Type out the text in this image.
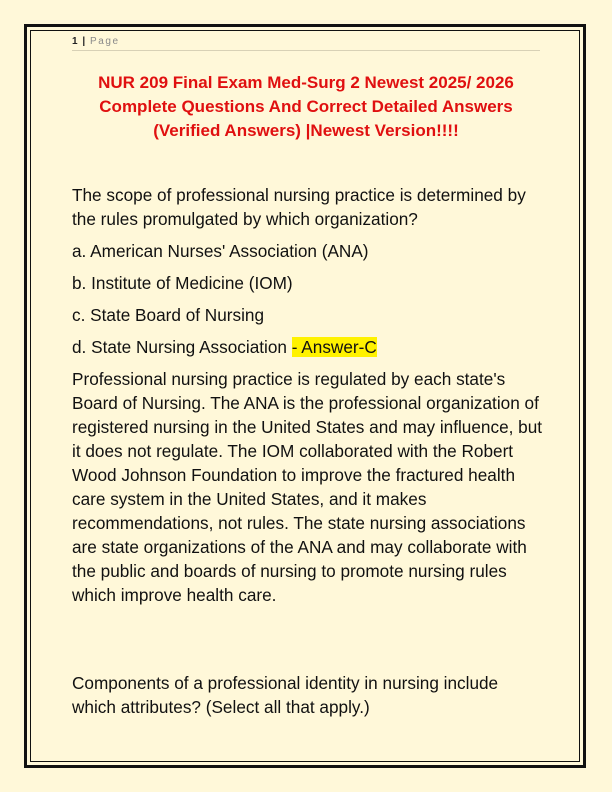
1 | Page
NUR 209 Final Exam Med-Surg 2 Newest 2025/ 2026 Complete Questions And Correct Detailed Answers (Verified Answers) |Newest Version!!!!

The scope of professional nursing practice is determined by the rules promulgated by which organization?

a. American Nurses' Association (ANA)

b. Institute of Medicine (IOM)

c. State Board of Nursing

d. State Nursing Association - Answer-C

Professional nursing practice is regulated by each state's Board of Nursing. The ANA is the professional organization of registered nursing in the United States and may influence, but it does not regulate. The IOM collaborated with the Robert Wood Johnson Foundation to improve the fractured health care system in the United States, and it makes recommendations, not rules. The state nursing associations are state organizations of the ANA and may collaborate with the public and boards of nursing to promote nursing rules which improve health care.

Components of a professional identity in nursing include which attributes? (Select all that apply.)
